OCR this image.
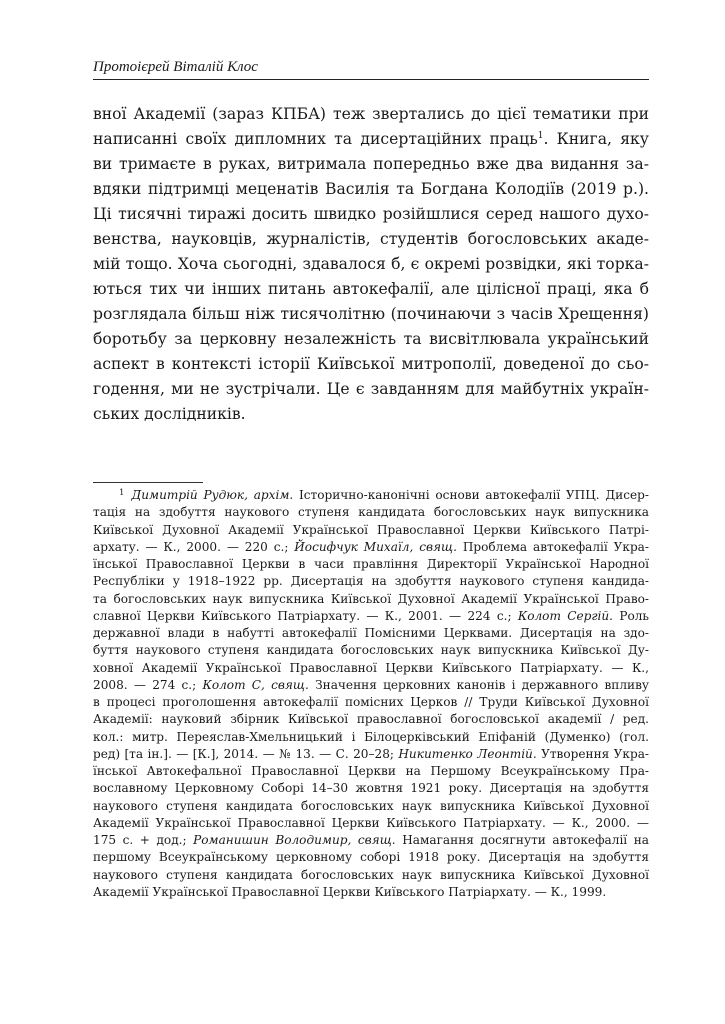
Протоієрей Віталій Клос
вної Академії (зараз КПБА) теж звертались до цієї тематики при
написанні своїх дипломних та дисертаційних праць$^1$. Книга, яку
ви тримаєте в руках, витримала попередньо вже два видання за-
вдяки підтримці меценатів Василія та Богдана Колодіїв (2019 р.).
Ці тисячні тиражі досить швидко розійшлися серед нашого духо-
венства, науковців, журналістів, студентів богословських акаде-
мій тощо. Хоча сьогодні, здавалося б, є окремі розвідки, які торка-
ються тих чи інших питань автокефалії, але цілісної праці, яка б
розглядала більш ніж тисячолітню (починаючи з часів Хрещення)
боротьбу за церковну незалежність та висвітлювала український
аспект в контексті історії Київської митрополії, доведеної до сьо-
годення, ми не зустрічали. Це є завданням для майбутніх україн-
ських дослідників.
$^1$ Димитрій Рудюк, архім. Історично-канонічні основи автокефалії УПЦ. Дисер-
тація на здобуття наукового ступеня кандидата богословських наук випускника
Київської Духовної Академії Української Православної Церкви Київського Патрі-
архату. — К., 2000. — 220 с.; Йосифчук Михаїл, свящ. Проблема автокефалії Укра-
їнської Православної Церкви в часи правління Директорії Української Народної
Республіки у 1918–1922 рр. Дисертація на здобуття наукового ступеня кандида-
та богословських наук випускника Київської Духовної Академії Української Право-
славної Церкви Київського Патріархату. — К., 2001. — 224 с.; Колот Сергій. Роль
державної влади в набутті автокефалії Помісними Церквами. Дисертація на здо-
буття наукового ступеня кандидата богословських наук випускника Київської Ду-
ховної Академії Української Православної Церкви Київського Патріархату. — К.,
2008. — 274 с.; Колот С, свящ. Значення церковних канонів і державного впливу
в процесі проголошення автокефалії помісних Церков // Труди Київської Духовної
Академії: науковий збірник Київської православної богословської академії / ред.
кол.: митр. Переяслав-Хмельницький і Білоцерківський Епіфаній (Думенко) (гол.
ред) [та ін.]. — [К.], 2014. — № 13. — С. 20–28; Никитенко Леонтій. Утворення Укра-
їнської Автокефальної Православної Церкви на Першому Всеукраїнському Пра-
вославному Церковному Соборі 14–30 жовтня 1921 року. Дисертація на здобуття
наукового ступеня кандидата богословських наук випускника Київської Духовної
Академії Української Православної Церкви Київського Патріархату. — К., 2000. —
175 с. + дод.; Романишин Володимир, свящ. Намагання досягнути автокефалії на
першому Всеукраїнському церковному соборі 1918 року. Дисертація на здобуття
наукового ступеня кандидата богословських наук випускника Київської Духовної
Академії Української Православної Церкви Київського Патріархату. — К., 1999.
